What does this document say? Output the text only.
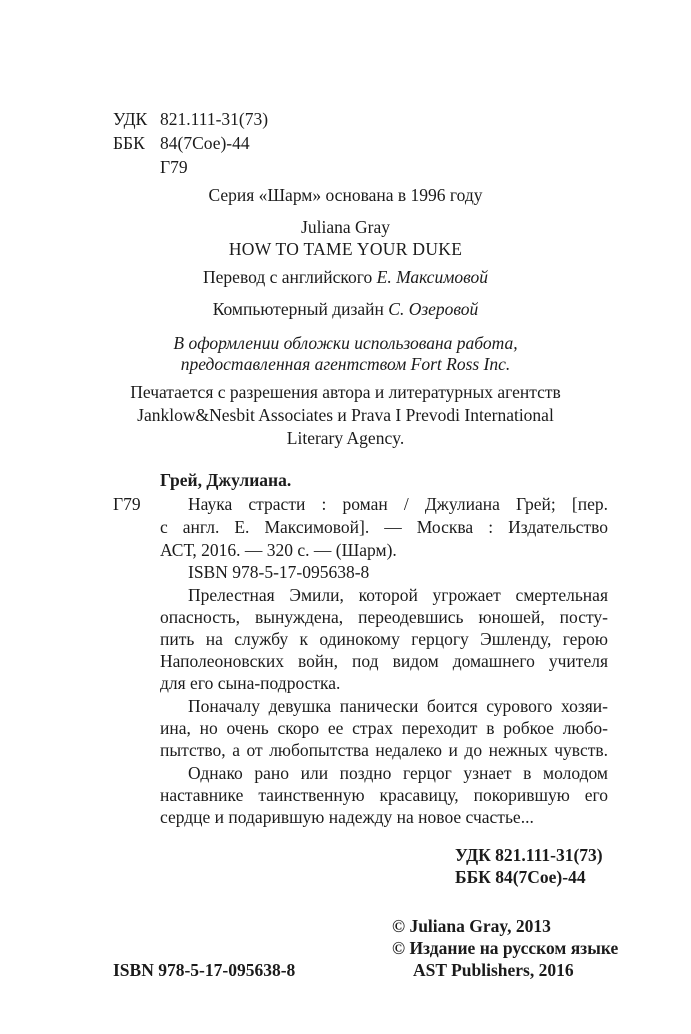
УДК 821.111-31(73)
ББК 84(7Сое)-44
Г79
Серия «Шарм» основана в 1996 году
Juliana Gray
HOW TO TAME YOUR DUKE
Перевод с английского Е. Максимовой
Компьютерный дизайн С. Озеровой
В оформлении обложки использована работа,
предоставленная агентством Fort Ross Inc.
Печатается с разрешения автора и литературных агентств
Janklow&Nesbit Associates и Prava I Prevodi International
Literary Agency.
Грей, Джулиана.
Г79	Наука страсти : роман / Джулиана Грей; [пер.
с англ. Е. Максимовой]. — Москва : Издательство
АСТ, 2016. — 320 с. — (Шарм).
ISBN 978-5-17-095638-8
Прелестная Эмили, которой угрожает смертельная
опасность, вынуждена, переодевшись юношей, посту-
пить на службу к одинокому герцогу Эшленду, герою
Наполеоновских войн, под видом домашнего учителя
для его сына-подростка.
Поначалу девушка панически боится сурового хозяи-
ина, но очень скоро ее страх переходит в робкое любо-
пытство, а от любопытства недалеко и до нежных чувств.
Однако рано или поздно герцог узнает в молодом
наставнике таинственную красавицу, покорившую его
сердце и подарившую надежду на новое счастье...
УДК 821.111-31(73)
ББК 84(7Сое)-44
© Juliana Gray, 2013
© Издание на русском языке
ISBN 978-5-17-095638-8	AST Publishers, 2016
